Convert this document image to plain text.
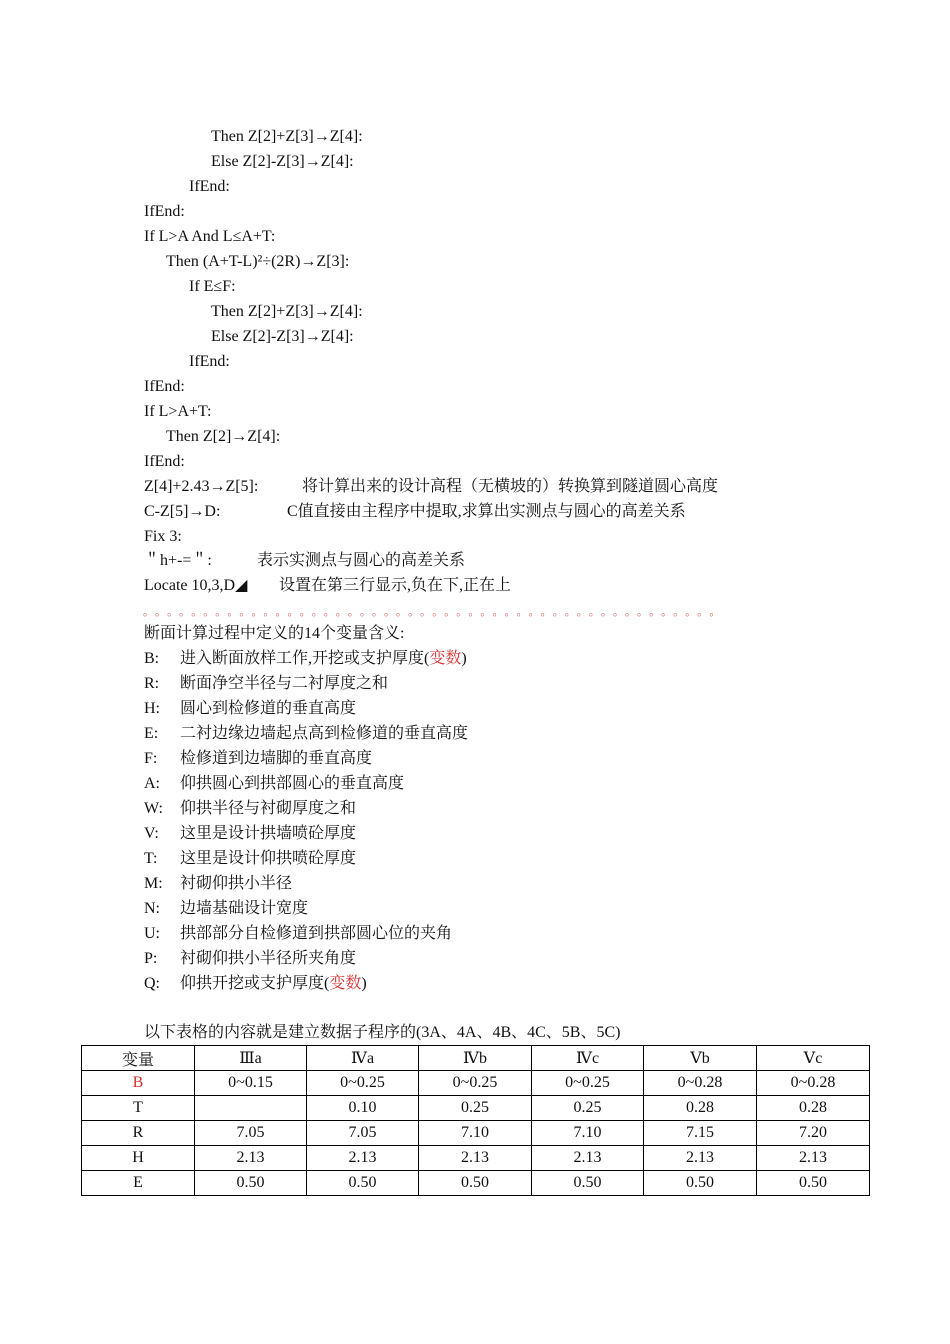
Then Z[2]+Z[3]→Z[4]:
Else Z[2]-Z[3]→Z[4]:
IfEnd:
IfEnd:
If L>A And L≤A+T:
Then (A+T-L)²÷(2R)→Z[3]:
If E≤F:
Then Z[2]+Z[3]→Z[4]:
Else Z[2]-Z[3]→Z[4]:
IfEnd:
IfEnd:
If L>A+T:
Then Z[2]→Z[4]:
IfEnd:
Z[4]+2.43→Z[5]:	将计算出来的设计高程（无横坡的）转换算到隧道圆心高度
C-Z[5]→D:	C值直接由主程序中提取,求算出实测点与圆心的高差关系
Fix 3:
＂h+-=＂:	表示实测点与圆心的高差关系
Locate 10,3,D◢ 设置在第三行显示,负在下,正在上
。。。。。。。。。。。。。。。。。。。。。。。。。。。。。。。。。。。。。。。。。。。。。。。。
断面计算过程中定义的14个变量含义:
B: 进入断面放样工作,开挖或支护厚度(变数)
R: 断面净空半径与二衬厚度之和
H: 圆心到检修道的垂直高度
E: 二衬边缘边墙起点高到检修道的垂直高度
F: 检修道到边墙脚的垂直高度
A: 仰拱圆心到拱部圆心的垂直高度
W: 仰拱半径与衬砌厚度之和
V: 这里是设计拱墙喷砼厚度
T: 这里是设计仰拱喷砼厚度
M: 衬砌仰拱小半径
N: 边墙基础设计宽度
U: 拱部部分自检修道到拱部圆心位的夹角
P: 衬砌仰拱小半径所夹角度
Q: 仰拱开挖或支护厚度(变数)
以下表格的内容就是建立数据子程序的(3A、4A、4B、4C、5B、5C)
变量	Ⅲa	Ⅳa	Ⅳb	Ⅳc	Ⅴb	Ⅴc
B	0~0.15	0~0.25	0~0.25	0~0.25	0~0.28	0~0.28
T		0.10	0.25	0.25	0.28	0.28
R	7.05	7.05	7.10	7.10	7.15	7.20
H	2.13	2.13	2.13	2.13	2.13	2.13
E	0.50	0.50	0.50	0.50	0.50	0.50
